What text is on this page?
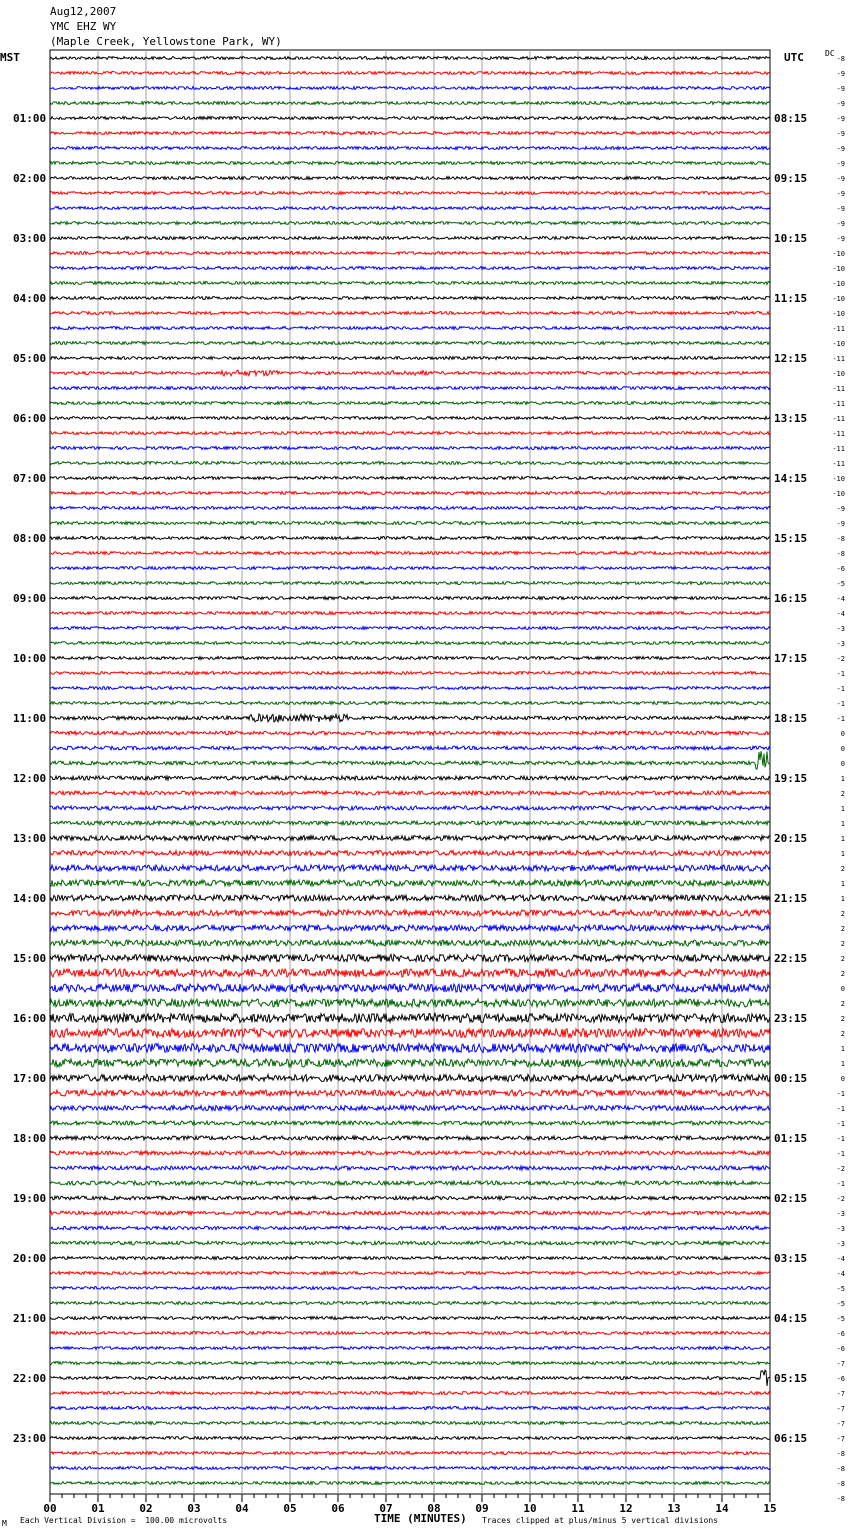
Aug12,2007
YMC EHZ WY
(Maple Creek, Yellowstone Park, WY)
MST	UTC	DC
01:00
02:00
03:00
04:00
05:00
06:00
07:00
08:00
09:00
10:00
11:00
12:00
13:00
14:00
15:00
16:00
17:00
18:00
19:00
20:00
21:00
22:00
23:00
08:15
09:15
10:15
11:15
12:15
13:15
14:15
15:15
16:15
17:15
18:15
19:15
20:15
21:15
22:15
23:15
00:15
01:15
02:15
03:15
04:15
05:15
06:15
-8
-9
-9
-9
-9
-9
-9
-9
-9
-9
-9
-9
-9
-10
-10
-10
-10
-10
-11
-10
-11
-10
-11
-11
-11
-11
-11
-11
-10
-10
-9
-9
-8
-8
-6
-5
-4
-4
-3
-3
-2
-1
-1
-1
-1
0
0
0
1
2
1
1
1
1
2
1
1
2
2
2
2
2
0
2
2
2
1
1
0
-1
-1
-1
-1
-1
-2
-1
-2
-3
-3
-3
-4
-4
-5
-5
-5
-6
-6
-7
-6
-7
-7
-7
-7
-8
-8
-8
-8
00	01	02	03	04	05	06	07	08	09	10	11	12	13	14	15
M Each Vertical Division =  100.00 microvolts	TIME (MINUTES) Traces clipped at plus/minus 5 vertical divisions
